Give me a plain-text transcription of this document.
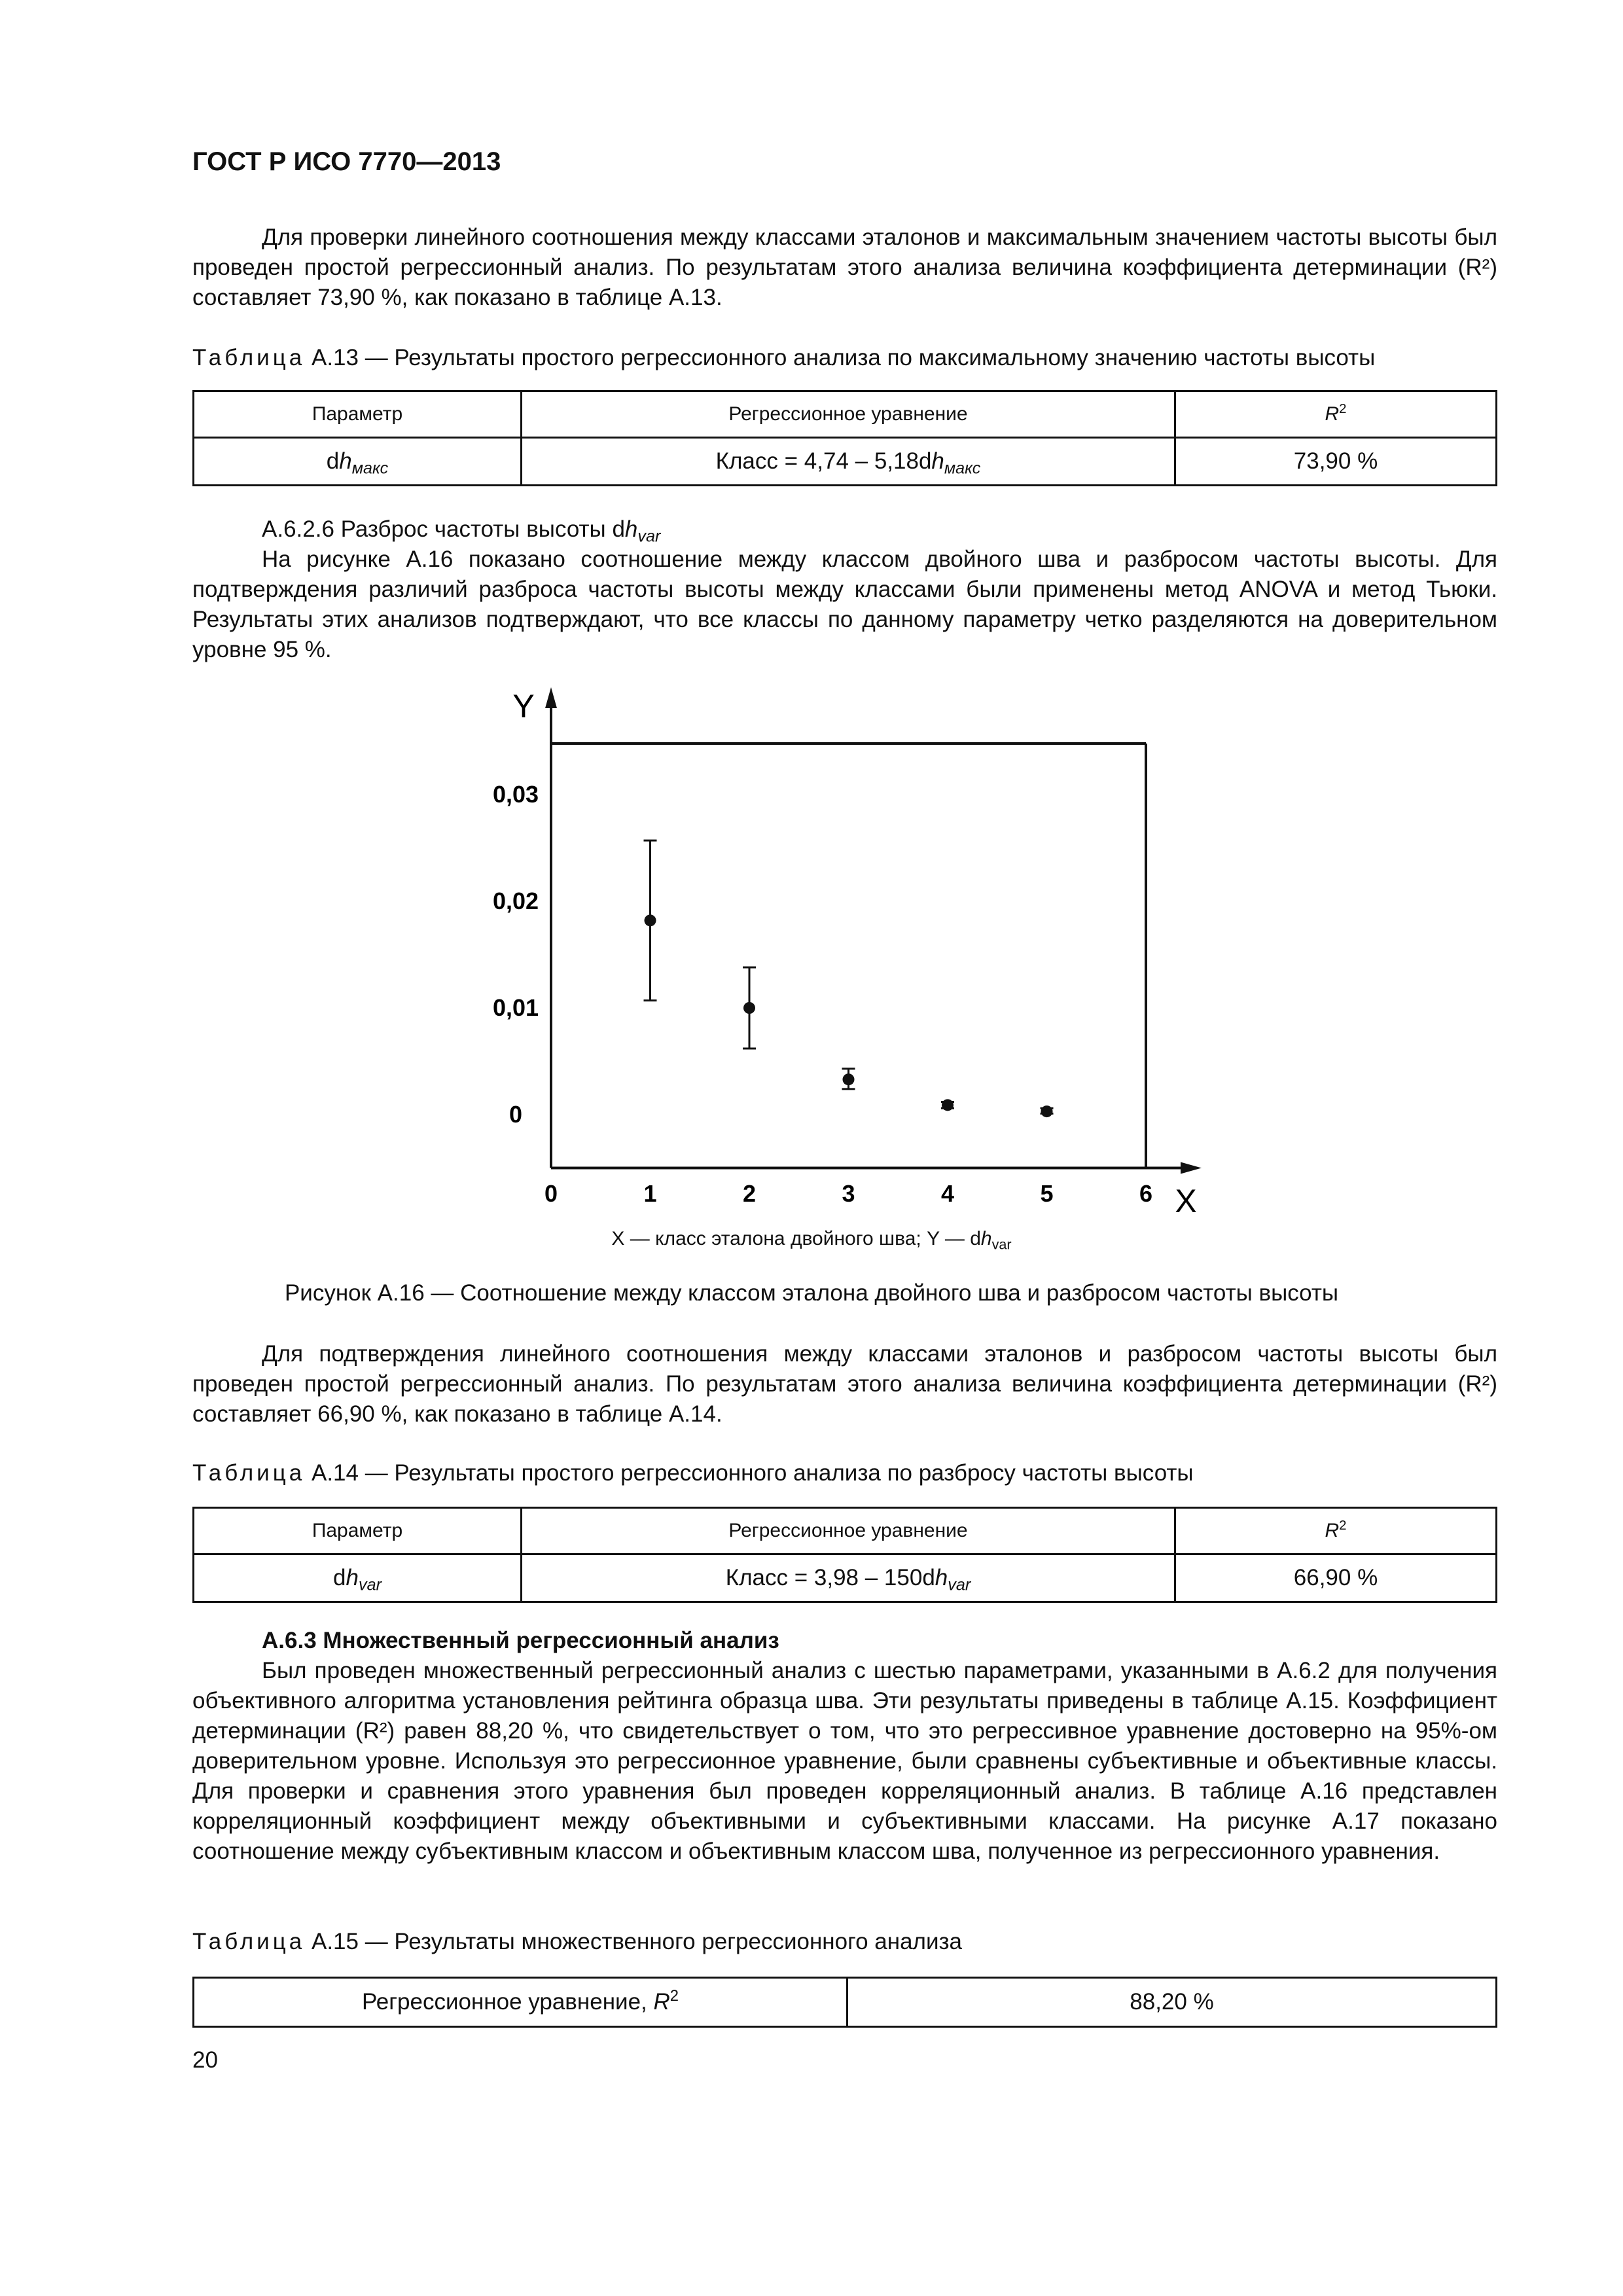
ГОСТ Р ИСО 7770—2013
Для проверки линейного соотношения между классами эталонов и максимальным значением частоты высоты был проведен простой регрессионный анализ. По результатам этого анализа величина коэффициента детерминации (R²) составляет 73,90 %, как показано в таблице А.13.
Таблица А.13 — Результаты простого регрессионного анализа по максимальному значению частоты высоты
Параметр	Регрессионное уравнение	$R^2$
$dh_{макс}$	Класс = $4,74 - 5,18dh_{макс}$	73,90 %
А.6.2.6 Разброс частоты высоты $dh_{var}$
На рисунке А.16 показано соотношение между классом двойного шва и разбросом частоты высоты. Для подтверждения различий разброса частоты высоты между классами были применены метод ANOVA и метод Тьюки. Результаты этих анализов подтверждают, что все классы по данному параметру четко разделяются на доверительном уровне 95 %.
Y
X
0	1	2	3	4	5	6
0
0,01
0,02
0,03
X — класс эталона двойного шва; Y — $dh_{var}$
Рисунок А.16 — Соотношение между классом эталона двойного шва и разбросом частоты высоты
Для подтверждения линейного соотношения между классами эталонов и разбросом частоты высоты был проведен простой регрессионный анализ. По результатам этого анализа величина коэффициента детерминации (R²) составляет 66,90 %, как показано в таблице А.14.
Таблица А.14 — Результаты простого регрессионного анализа по разбросу частоты высоты
Параметр	Регрессионное уравнение	$R^2$
$dh_{var}$	Класс = $3,98 - 150dh_{var}$	66,90 %
А.6.3 Множественный регрессионный анализ
Был проведен множественный регрессионный анализ с шестью параметрами, указанными в А.6.2 для получения объективного алгоритма установления рейтинга образца шва. Эти результаты приведены в таблице А.15. Коэффициент детерминации (R²) равен 88,20 %, что свидетельствует о том, что это регрессивное уравнение достоверно на 95%-ом доверительном уровне. Используя это регрессионное уравнение, были сравнены субъективные и объективные классы. Для проверки и сравнения этого уравнения был проведен корреляционный анализ. В таблице А.16 представлен корреляционный коэффициент между объективными и субъективными классами. На рисунке А.17 показано соотношение между субъективным классом и объективным классом шва, полученное из регрессионного уравнения.
Таблица А.15 — Результаты множественного регрессионного анализа
Регрессионное уравнение, $R^2$	88,20 %
20
